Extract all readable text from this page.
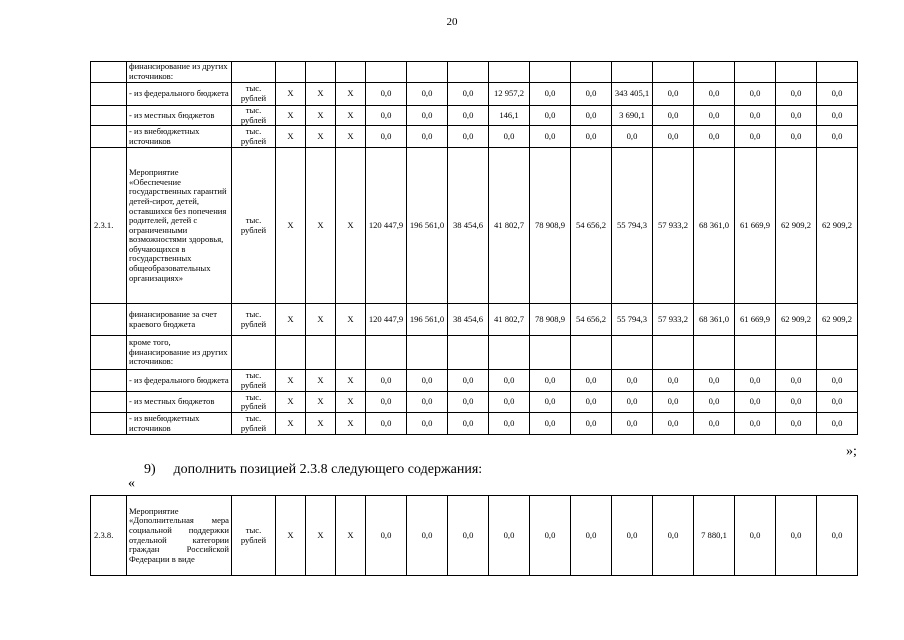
20
	финансирование из других источников:																
	- из федерального бюджета	тыс. рублей	Х	Х	Х	0,0	0,0	0,0	12 957,2	0,0	0,0	343 405,1	0,0	0,0	0,0	0,0	0,0
	- из местных бюджетов	тыс. рублей	Х	Х	Х	0,0	0,0	0,0	146,1	0,0	0,0	3 690,1	0,0	0,0	0,0	0,0	0,0
	- из внебюджетных источников	тыс. рублей	Х	Х	Х	0,0	0,0	0,0	0,0	0,0	0,0	0,0	0,0	0,0	0,0	0,0	0,0
2.3.1.	Мероприятие «Обеспечение государственных гарантий детей-сирот, детей, оставшихся без попечения родителей, детей с ограниченными возможностями здоровья, обучающихся в государственных общеобразовательных организациях»	тыс. рублей	Х	Х	Х	120 447,9	196 561,0	38 454,6	41 802,7	78 908,9	54 656,2	55 794,3	57 933,2	68 361,0	61 669,9	62 909,2	62 909,2
	финансирование за счет краевого бюджета	тыс. рублей	Х	Х	Х	120 447,9	196 561,0	38 454,6	41 802,7	78 908,9	54 656,2	55 794,3	57 933,2	68 361,0	61 669,9	62 909,2	62 909,2
	кроме того, финансирование из других источников:																
	- из федерального бюджета	тыс. рублей	Х	Х	Х	0,0	0,0	0,0	0,0	0,0	0,0	0,0	0,0	0,0	0,0	0,0	0,0
	- из местных бюджетов	тыс. рублей	Х	Х	Х	0,0	0,0	0,0	0,0	0,0	0,0	0,0	0,0	0,0	0,0	0,0	0,0
	- из внебюджетных источников	тыс. рублей	Х	Х	Х	0,0	0,0	0,0	0,0	0,0	0,0	0,0	0,0	0,0	0,0	0,0	0,0
»;
9) дополнить позицией 2.3.8 следующего содержания:
«
2.3.8.	Мероприятие «Дополнительная мера социальной поддержки отдельной категории граждан Российской Федерации в виде	тыс. рублей	Х	Х	Х	0,0	0,0	0,0	0,0	0,0	0,0	0,0	0,0	7 880,1	0,0	0,0	0,0
